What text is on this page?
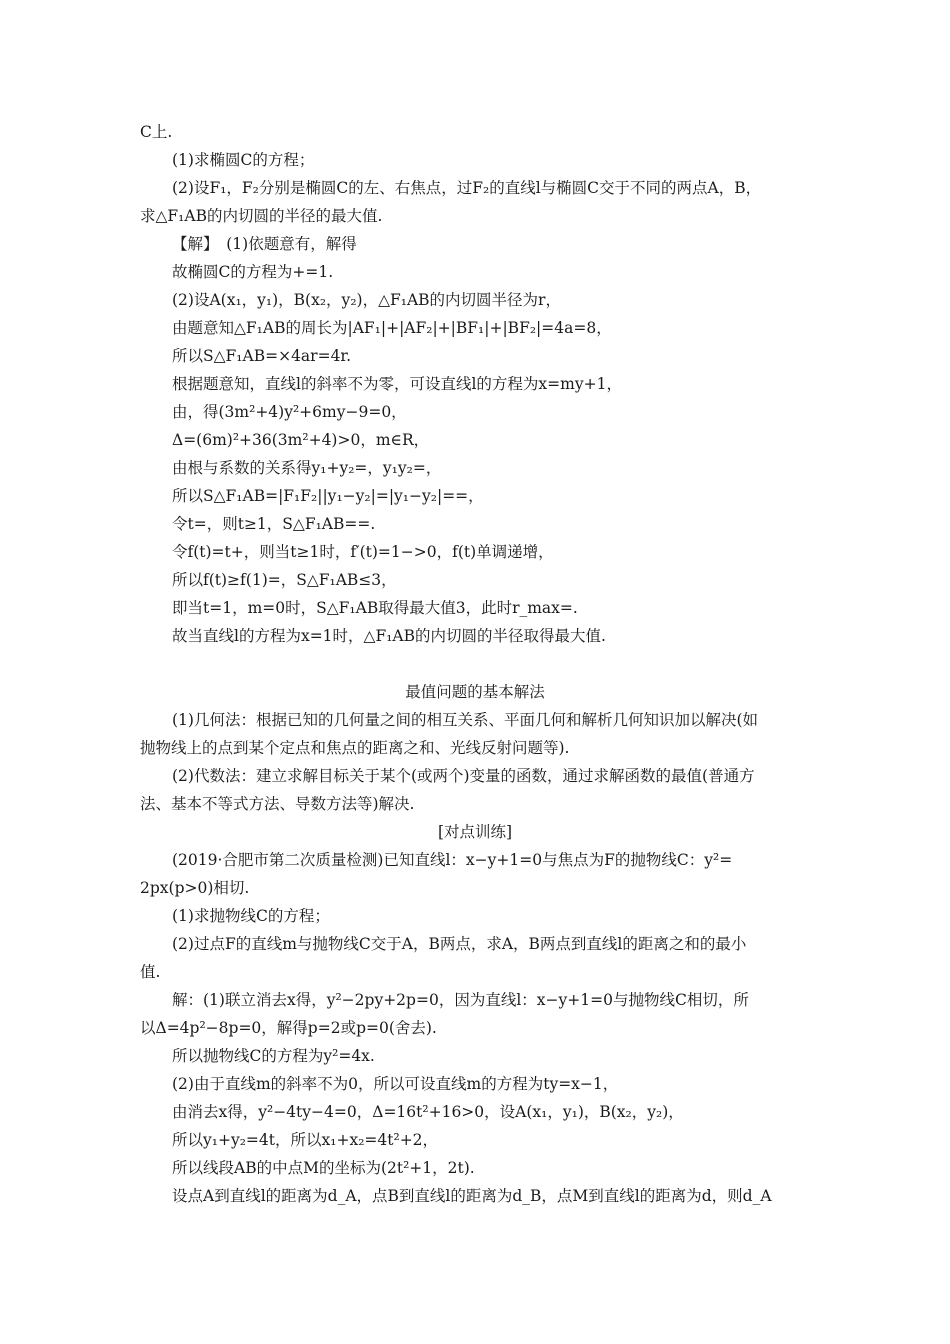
C上.
(1)求椭圆C的方程；
(2)设F₁，F₂分别是椭圆C的左、右焦点，过F₂的直线l与椭圆C交于不同的两点A，B，
求△F₁AB的内切圆的半径的最大值.
【解】　(1)依题意有，解得
故椭圆C的方程为+=1.
(2)设A(x₁，y₁)，B(x₂，y₂)，△F₁AB的内切圆半径为r，
由题意知△F₁AB的周长为|AF₁|+|AF₂|+|BF₁|+|BF₂|=4a=8，
所以S△F₁AB=×4ar=4r.
根据题意知，直线l的斜率不为零，可设直线l的方程为x=my+1，
由，得(3m²+4)y²+6my−9=0，
Δ=(6m)²+36(3m²+4)>0，m∈R，
由根与系数的关系得y₁+y₂=，y₁y₂=，
所以S△F₁AB=|F₁F₂||y₁−y₂|=|y₁−y₂|==，
令t=，则t≥1，S△F₁AB==.
令f(t)=t+，则当t≥1时，f′(t)=1−>0，f(t)单调递增，
所以f(t)≥f(1)=，S△F₁AB≤3，
即当t=1，m=0时，S△F₁AB取得最大值3，此时r_max=.
故当直线l的方程为x=1时，△F₁AB的内切圆的半径取得最大值.
最值问题的基本解法
(1)几何法：根据已知的几何量之间的相互关系、平面几何和解析几何知识加以解决(如
抛物线上的点到某个定点和焦点的距离之和、光线反射问题等).
(2)代数法：建立求解目标关于某个(或两个)变量的函数，通过求解函数的最值(普通方
法、基本不等式方法、导数方法等)解决.
[对点训练]
(2019·合肥市第二次质量检测)已知直线l：x−y+1=0与焦点为F的抛物线C：y²=
2px(p>0)相切.
(1)求抛物线C的方程；
(2)过点F的直线m与抛物线C交于A，B两点，求A，B两点到直线l的距离之和的最小
值.
解：(1)联立消去x得，y²−2py+2p=0，因为直线l：x−y+1=0与抛物线C相切，所
以Δ=4p²−8p=0，解得p=2或p=0(舍去).
所以抛物线C的方程为y²=4x.
(2)由于直线m的斜率不为0，所以可设直线m的方程为ty=x−1，
由消去x得，y²−4ty−4=0，Δ=16t²+16>0，设A(x₁，y₁)，B(x₂，y₂)，
所以y₁+y₂=4t，所以x₁+x₂=4t²+2，
所以线段AB的中点M的坐标为(2t²+1，2t).
设点A到直线l的距离为d_A，点B到直线l的距离为d_B，点M到直线l的距离为d，则d_A
